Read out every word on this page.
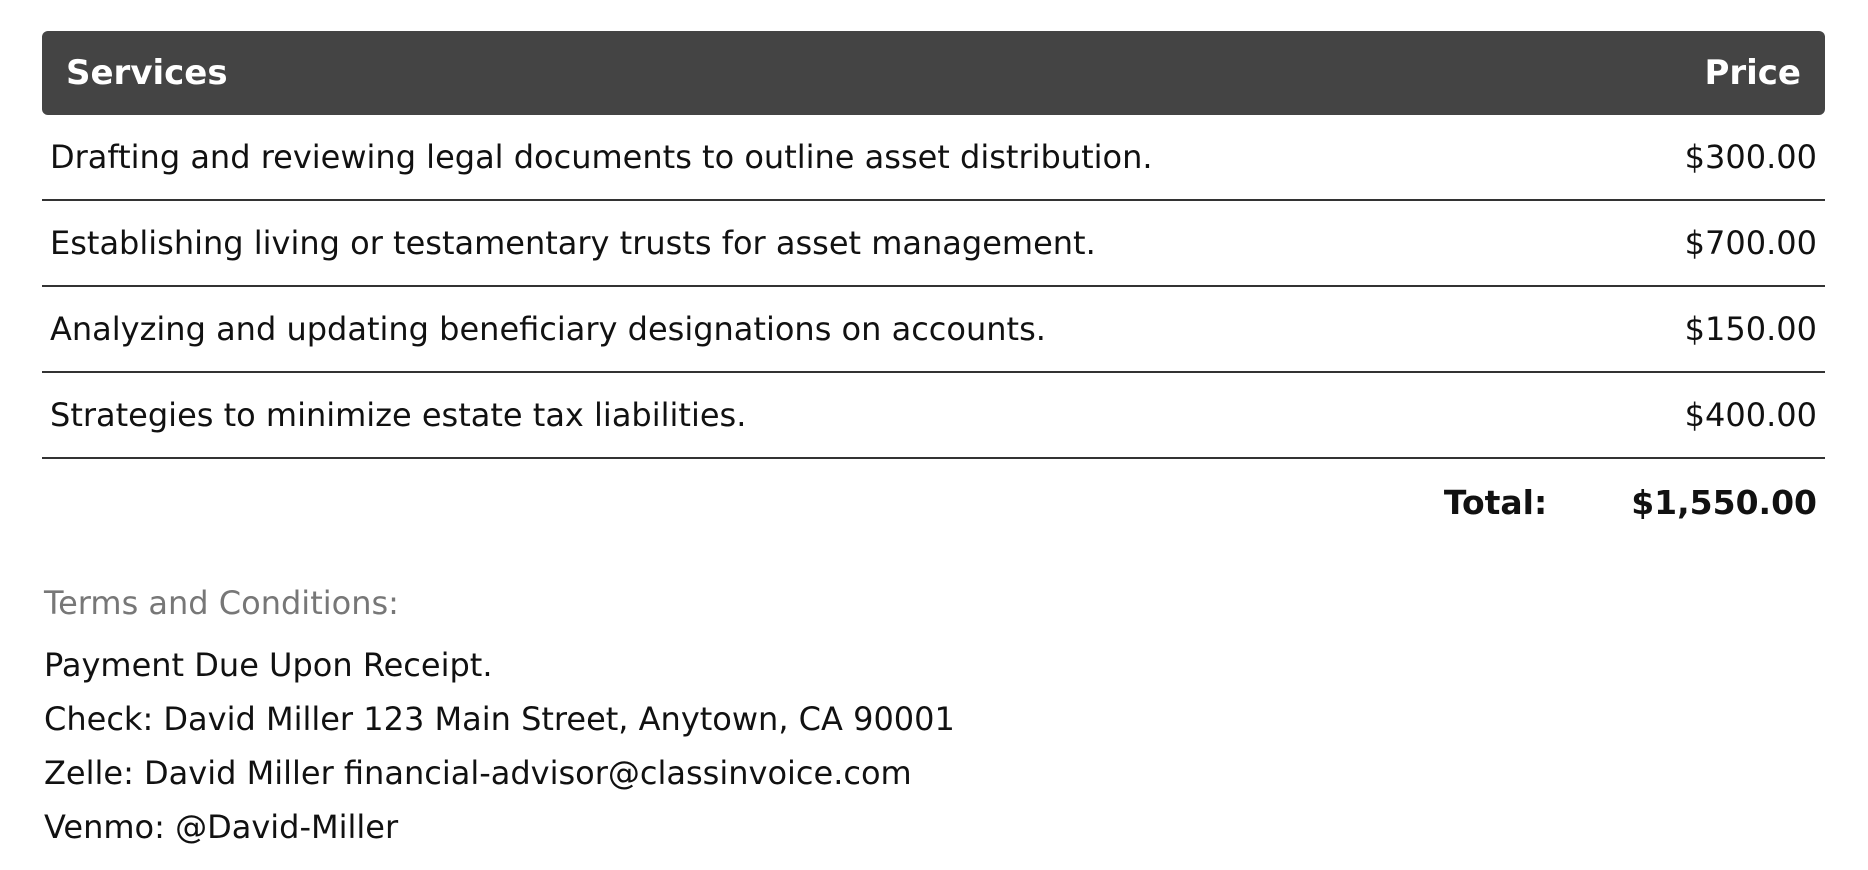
Services	Price
Drafting and reviewing legal documents to outline asset distribution.	$300.00
Establishing living or testamentary trusts for asset management.	$700.00
Analyzing and updating beneficiary designations on accounts.	$150.00
Strategies to minimize estate tax liabilities.	$400.00
Total:	$1,550.00
Terms and Conditions:
Payment Due Upon Receipt.
Check: David Miller 123 Main Street, Anytown, CA 90001
Zelle: David Miller financial-advisor@classinvoice.com
Venmo: @David-Miller
